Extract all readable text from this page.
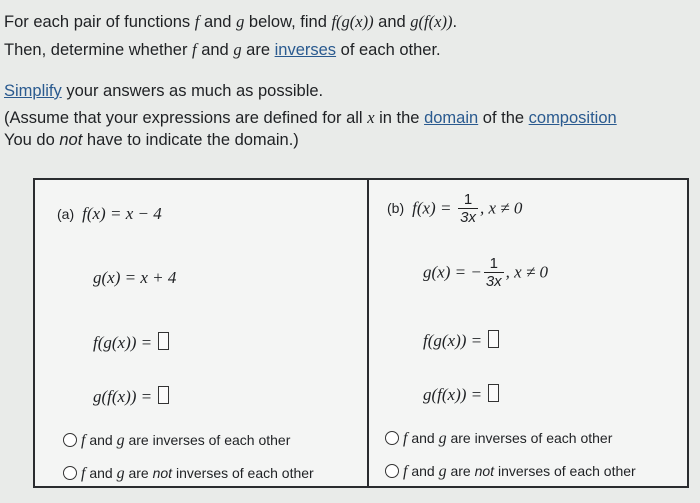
For each pair of functions f and g below, find f(g(x)) and g(f(x)).
Then, determine whether f and g are inverses of each other.
Simplify your answers as much as possible.
(Assume that your expressions are defined for all x in the domain of the composition
You do not have to indicate the domain.)
(a) f(x) = x − 4
g(x) = x + 4
f(g(x)) =
g(f(x)) =
f and g are inverses of each other
f and g are not inverses of each other
(b) $f(x) = \frac{1}{3x}$ , x ≠ 0
g(x) = − $\frac{1}{3x}$ , x ≠ 0
f(g(x)) =
g(f(x)) =
f and g are inverses of each other
f and g are not inverses of each other
